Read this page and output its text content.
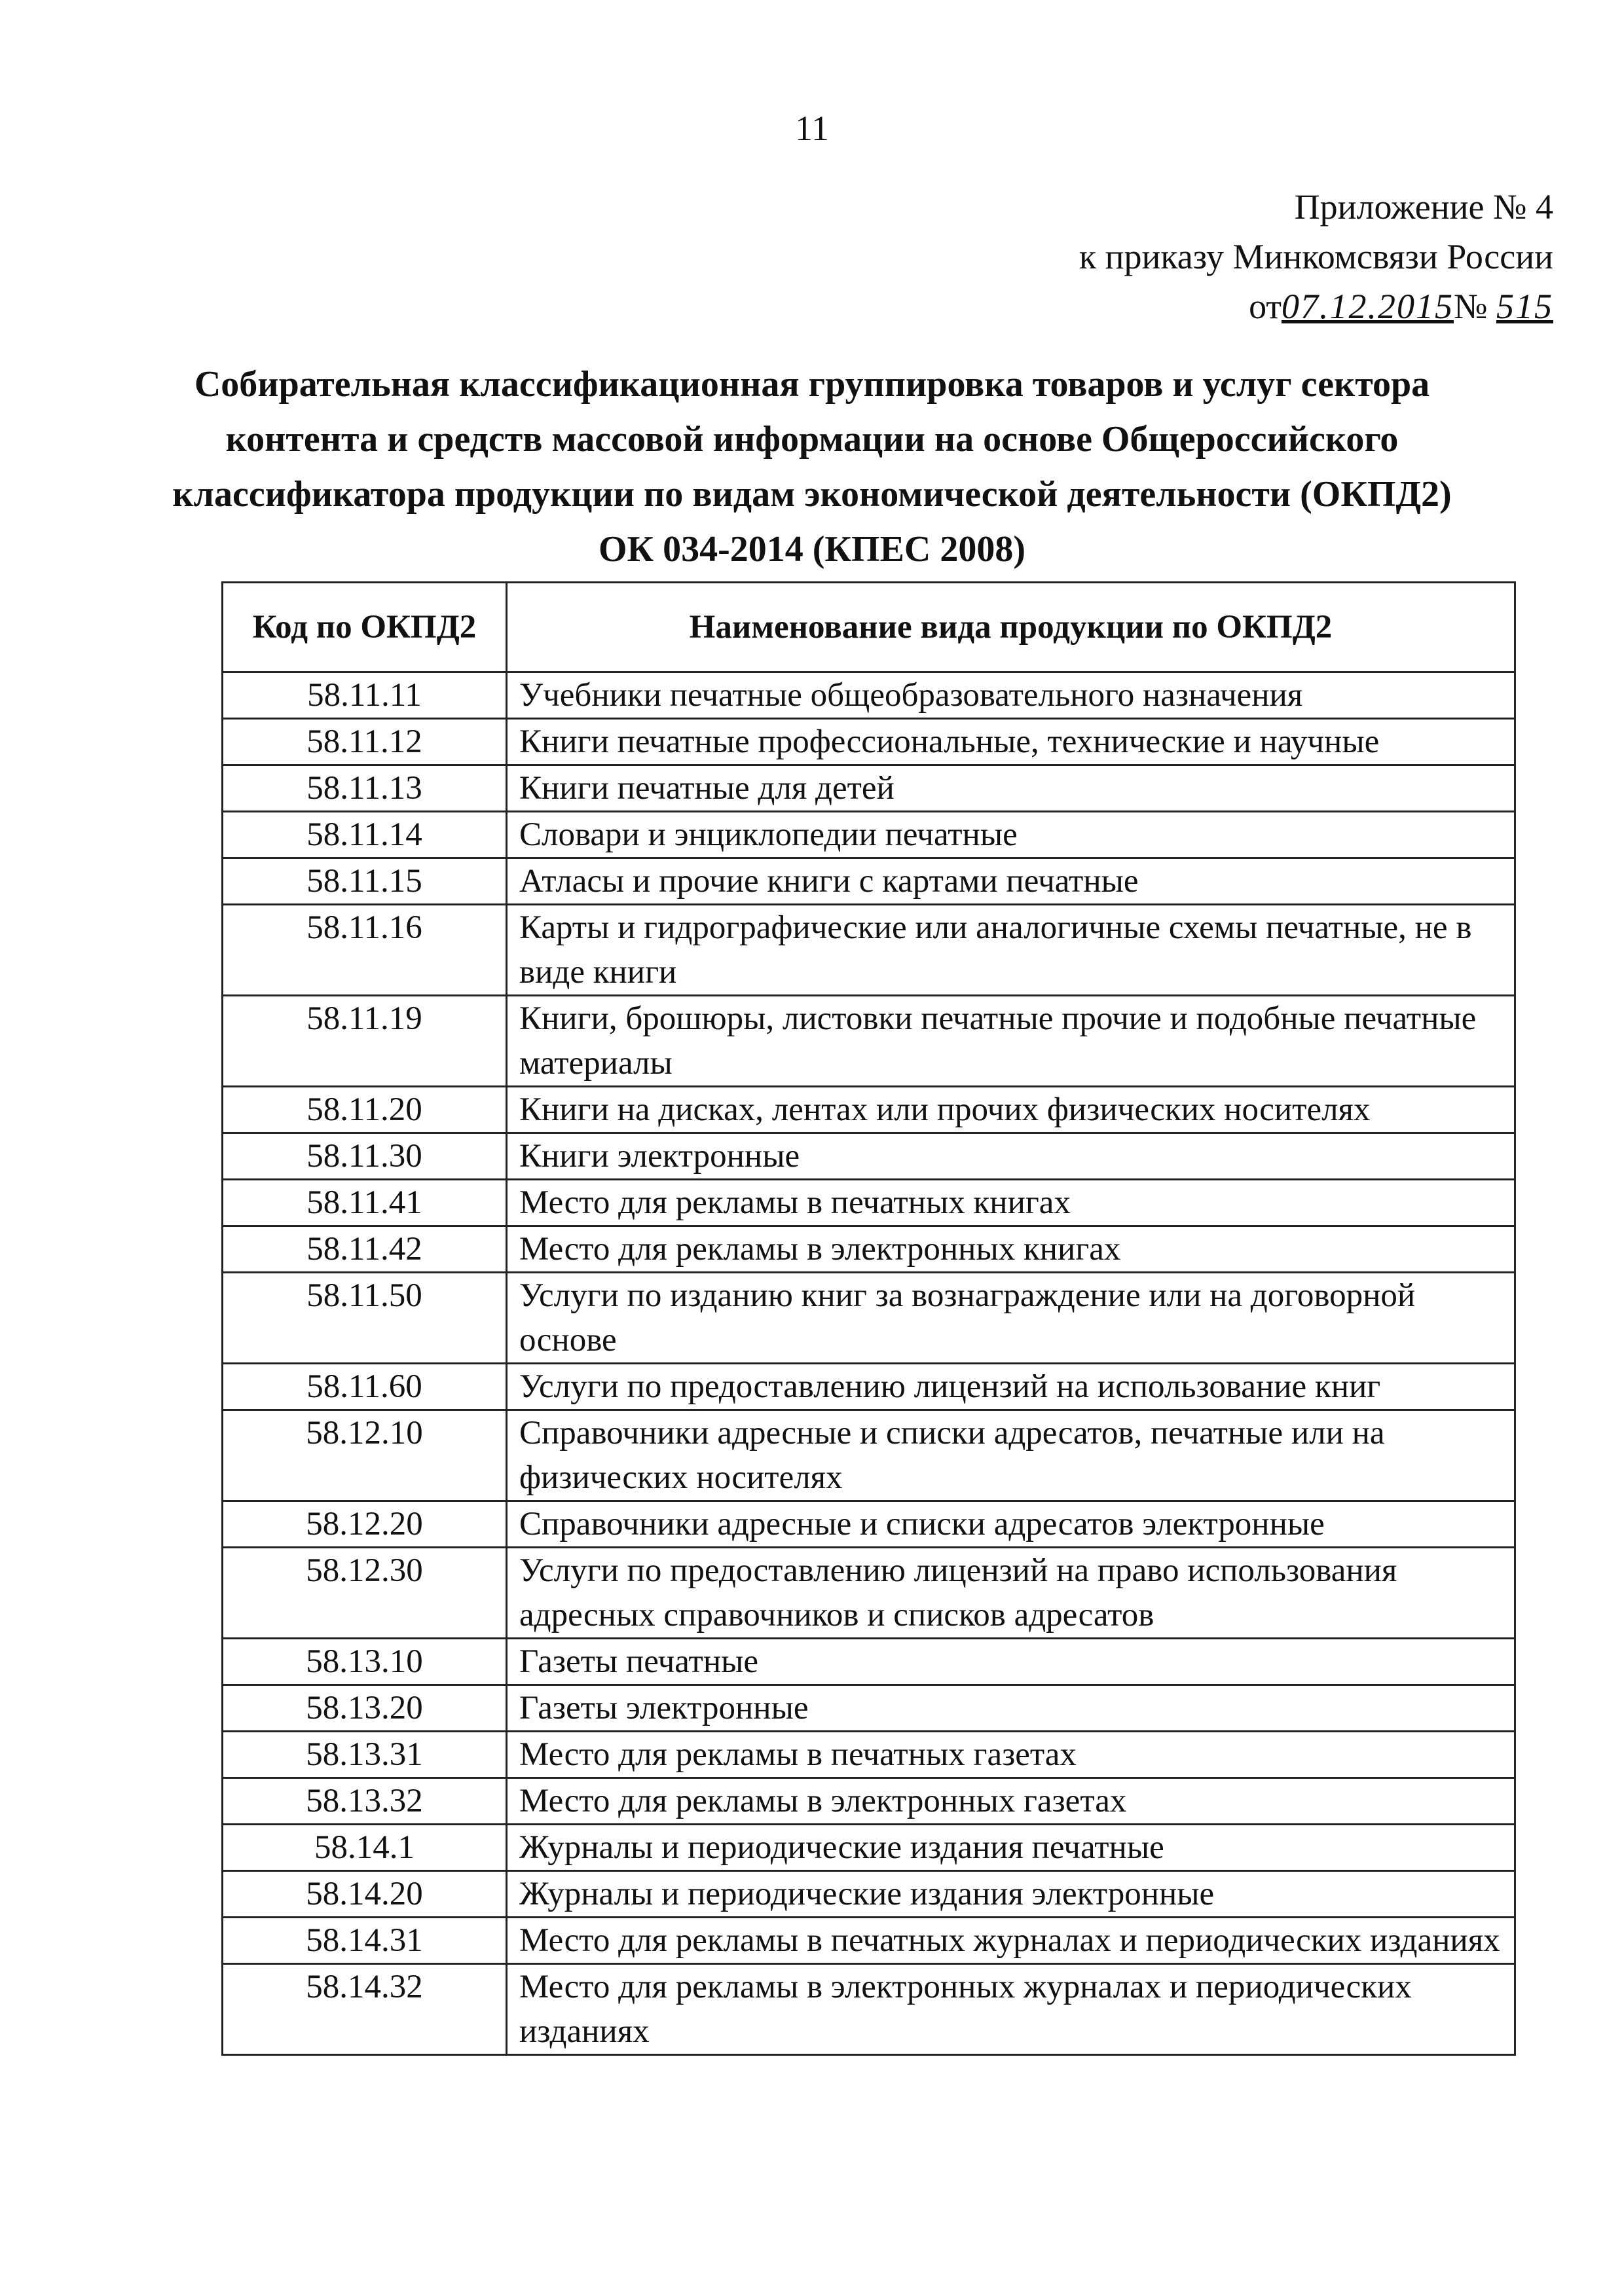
11
Приложение № 4
к приказу Минкомсвязи России
от07.12.2015№ 515
Собирательная классификационная группировка товаров и услуг сектора
контента и средств массовой информации на основе Общероссийского
классификатора продукции по видам экономической деятельности (ОКПД2)
ОК 034-2014 (КПЕС 2008)
Код по ОКПД2	Наименование вида продукции по ОКПД2
58.11.11	Учебники печатные общеобразовательного назначения
58.11.12	Книги печатные профессиональные, технические и научные
58.11.13	Книги печатные для детей
58.11.14	Словари и энциклопедии печатные
58.11.15	Атласы и прочие книги с картами печатные
58.11.16	Карты и гидрографические или аналогичные схемы печатные, не в виде книги
58.11.19	Книги, брошюры, листовки печатные прочие и подобные печатные материалы
58.11.20	Книги на дисках, лентах или прочих физических носителях
58.11.30	Книги электронные
58.11.41	Место для рекламы в печатных книгах
58.11.42	Место для рекламы в электронных книгах
58.11.50	Услуги по изданию книг за вознаграждение или на договорной основе
58.11.60	Услуги по предоставлению лицензий на использование книг
58.12.10	Справочники адресные и списки адресатов, печатные или на физических носителях
58.12.20	Справочники адресные и списки адресатов электронные
58.12.30	Услуги по предоставлению лицензий на право использования адресных справочников и списков адресатов
58.13.10	Газеты печатные
58.13.20	Газеты электронные
58.13.31	Место для рекламы в печатных газетах
58.13.32	Место для рекламы в электронных газетах
58.14.1	Журналы и периодические издания печатные
58.14.20	Журналы и периодические издания электронные
58.14.31	Место для рекламы в печатных журналах и периодических изданиях
58.14.32	Место для рекламы в электронных журналах и периодических изданиях
